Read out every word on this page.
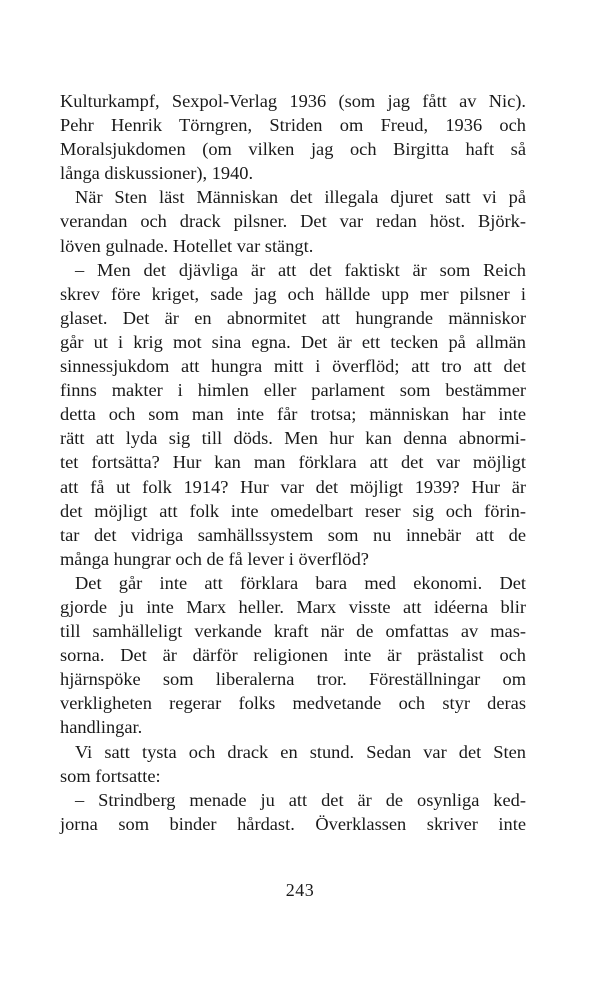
Kulturkampf, Sexpol-Verlag 1936 (som jag fått av Nic).
Pehr Henrik Törngren, Striden om Freud, 1936 och
Moralsjukdomen (om vilken jag och Birgitta haft så
långa diskussioner), 1940.
När Sten läst Människan det illegala djuret satt vi på
verandan och drack pilsner. Det var redan höst. Björk-
löven gulnade. Hotellet var stängt.
– Men det djävliga är att det faktiskt är som Reich
skrev före kriget, sade jag och hällde upp mer pilsner i
glaset. Det är en abnormitet att hungrande människor
går ut i krig mot sina egna. Det är ett tecken på allmän
sinnessjukdom att hungra mitt i överflöd; att tro att det
finns makter i himlen eller parlament som bestämmer
detta och som man inte får trotsa; människan har inte
rätt att lyda sig till döds. Men hur kan denna abnormi-
tet fortsätta? Hur kan man förklara att det var möjligt
att få ut folk 1914? Hur var det möjligt 1939? Hur är
det möjligt att folk inte omedelbart reser sig och förin-
tar det vidriga samhällssystem som nu innebär att de
många hungrar och de få lever i överflöd?
Det går inte att förklara bara med ekonomi. Det
gjorde ju inte Marx heller. Marx visste att idéerna blir
till samhälleligt verkande kraft när de omfattas av mas-
sorna. Det är därför religionen inte är prästalist och
hjärnspöke som liberalerna tror. Föreställningar om
verkligheten regerar folks medvetande och styr deras
handlingar.
Vi satt tysta och drack en stund. Sedan var det Sten
som fortsatte:
– Strindberg menade ju att det är de osynliga ked-
jorna som binder hårdast. Överklassen skriver inte
243
